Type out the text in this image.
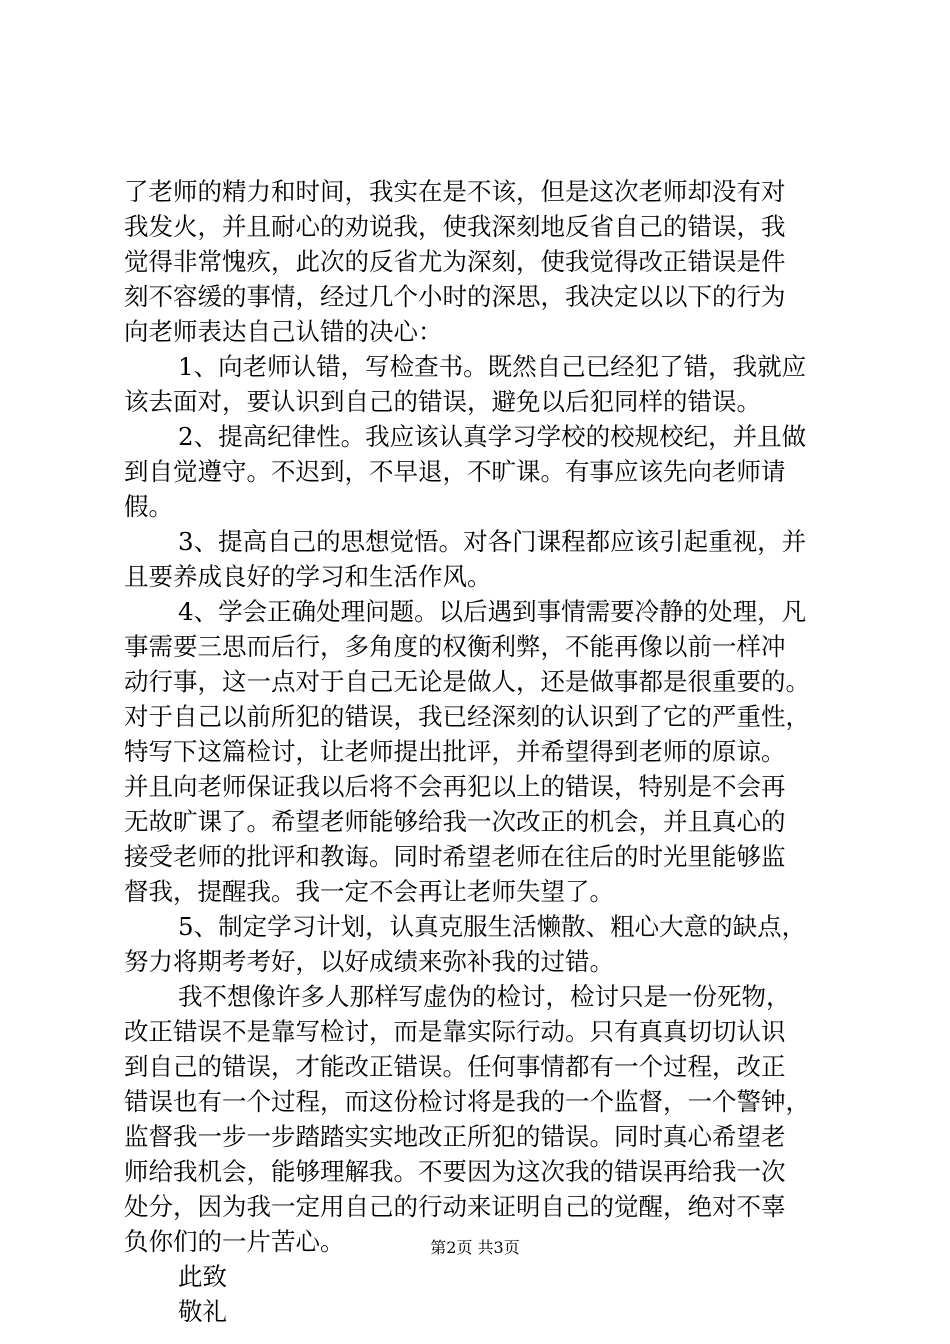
了老师的精力和时间，我实在是不该，但是这次老师却没有对
我发火，并且耐心的劝说我，使我深刻地反省自己的错误，我
觉得非常愧疚，此次的反省尤为深刻，使我觉得改正错误是件
刻不容缓的事情，经过几个小时的深思，我决定以以下的行为
向老师表达自己认错的决心：
1、向老师认错，写检查书。既然自己已经犯了错，我就应
该去面对，要认识到自己的错误，避免以后犯同样的错误。
2、提高纪律性。我应该认真学习学校的校规校纪，并且做
到自觉遵守。不迟到，不早退，不旷课。有事应该先向老师请
假。
3、提高自己的思想觉悟。对各门课程都应该引起重视，并
且要养成良好的学习和生活作风。
4、学会正确处理问题。以后遇到事情需要冷静的处理，凡
事需要三思而后行，多角度的权衡利弊，不能再像以前一样冲
动行事，这一点对于自己无论是做人，还是做事都是很重要的。
对于自己以前所犯的错误，我已经深刻的认识到了它的严重性，
特写下这篇检讨，让老师提出批评，并希望得到老师的原谅。
并且向老师保证我以后将不会再犯以上的错误，特别是不会再
无故旷课了。希望老师能够给我一次改正的机会，并且真心的
接受老师的批评和教诲。同时希望老师在往后的时光里能够监
督我，提醒我。我一定不会再让老师失望了。
5、制定学习计划，认真克服生活懒散、粗心大意的缺点，
努力将期考考好，以好成绩来弥补我的过错。
我不想像许多人那样写虚伪的检讨，检讨只是一份死物，
改正错误不是靠写检讨，而是靠实际行动。只有真真切切认识
到自己的错误，才能改正错误。任何事情都有一个过程，改正
错误也有一个过程，而这份检讨将是我的一个监督，一个警钟，
监督我一步一步踏踏实实地改正所犯的错误。同时真心希望老
师给我机会，能够理解我。不要因为这次我的错误再给我一次
处分，因为我一定用自己的行动来证明自己的觉醒，绝对不辜
负你们的一片苦心。
此致
敬礼
第2页 共3页
